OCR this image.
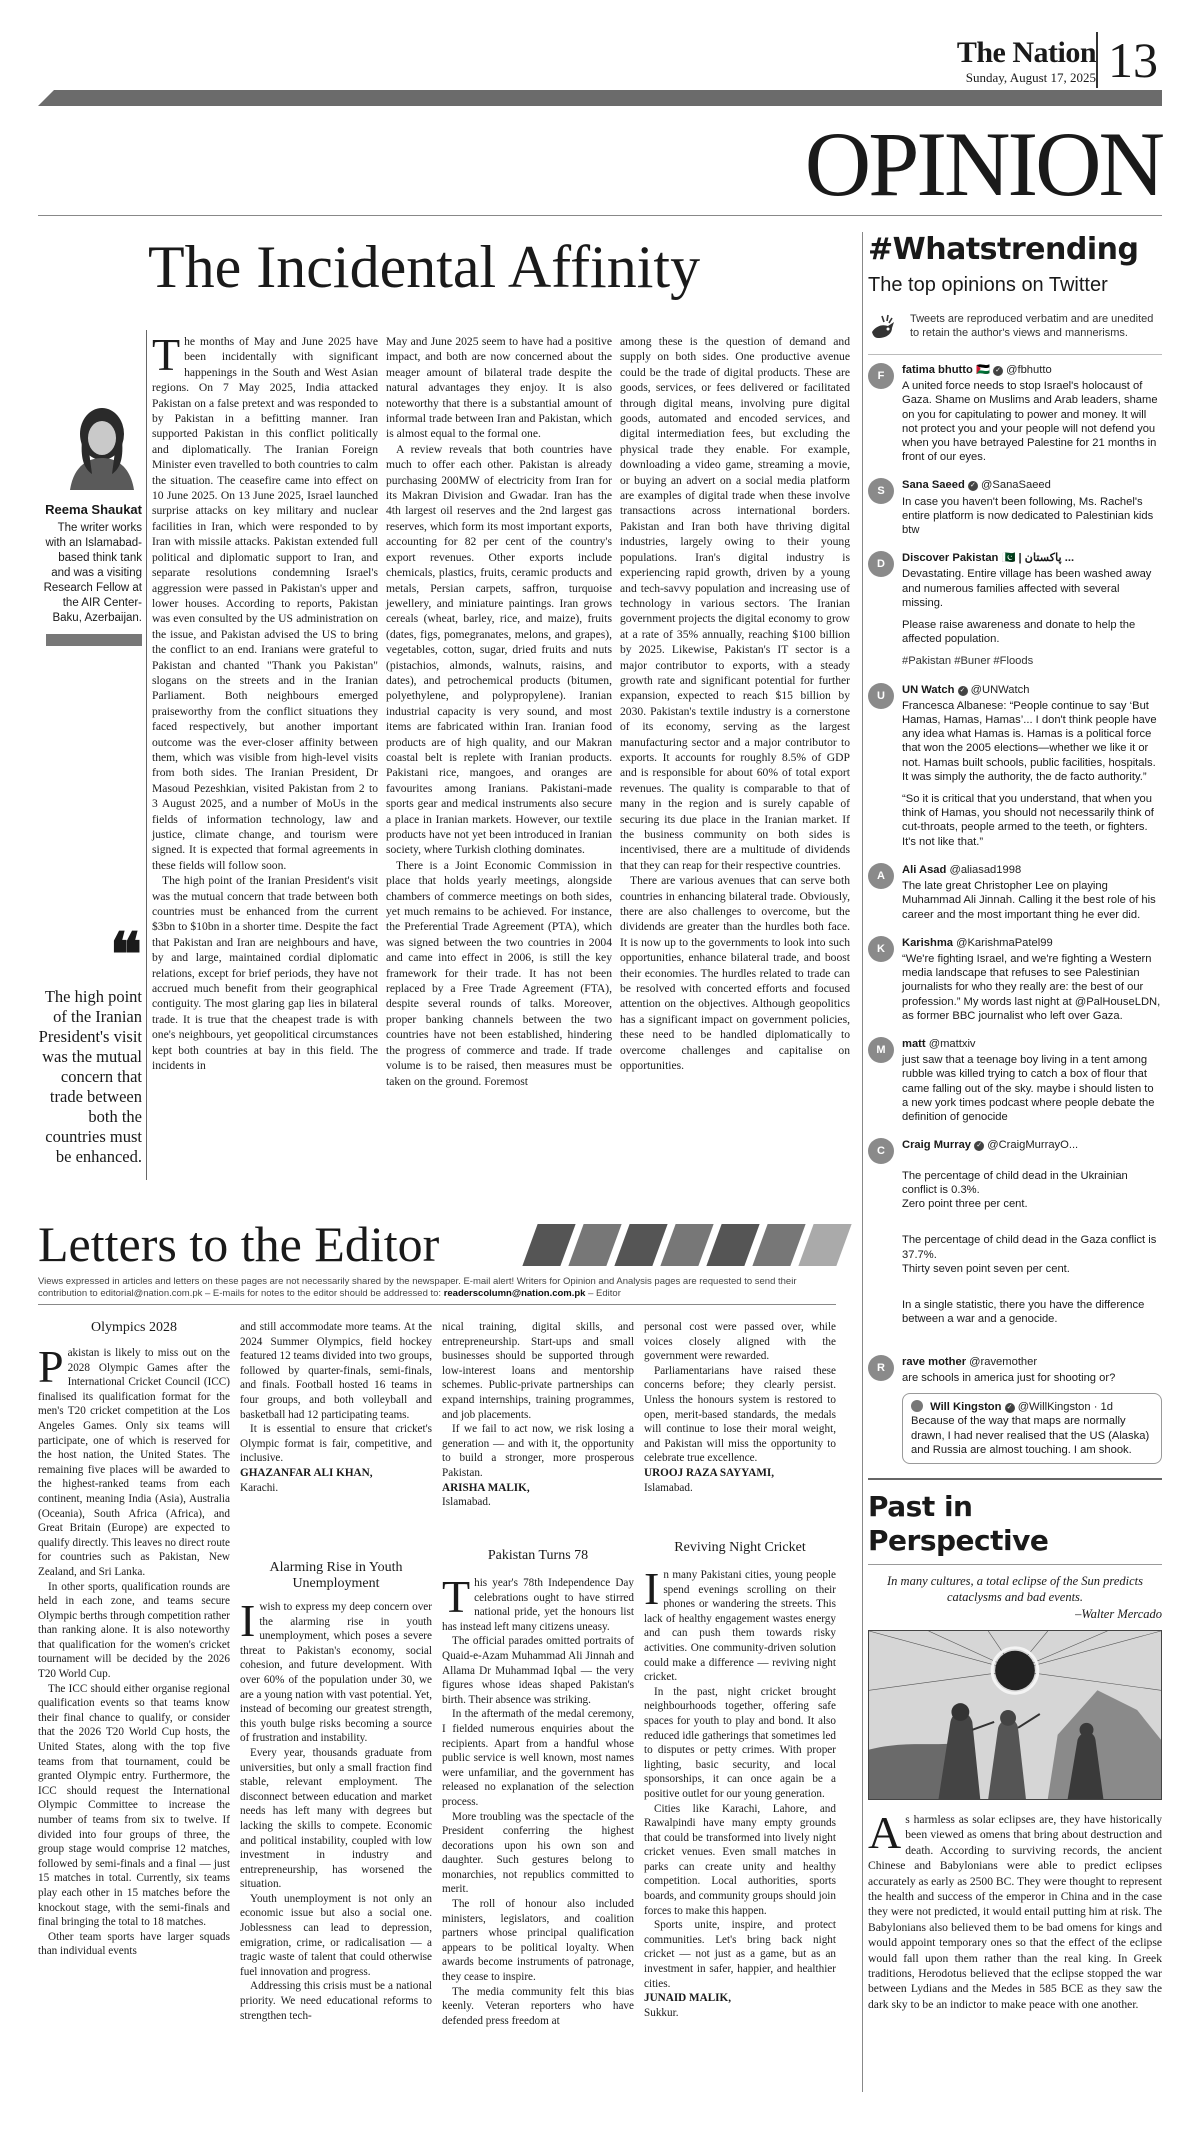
The Nation
Sunday, August 17, 2025 13
OPINION
The Incidental Affinity
Reema Shaukat
The writer works with an Islamabad-based think tank and was a visiting Research Fellow at the AIR Center-Baku, Azerbaijan.
❝
The high point of the Iranian President's visit was the mutual concern that trade between both the countries must be enhanced.

The months of May and June 2025 have been incidentally with significant happenings in the South and West Asian regions. On 7 May 2025, India attacked Pakistan on a false pretext and was responded to by Pakistan in a befitting manner. Iran supported Pakistan in this conflict politically and diplomatically. The Iranian Foreign Minister even travelled to both countries to calm the situation. The ceasefire came into effect on 10 June 2025. On 13 June 2025, Israel launched surprise attacks on key military and nuclear facilities in Iran, which were responded to by Iran with missile attacks. Pakistan extended full political and diplomatic support to Iran, and separate resolutions condemning Israel's aggression were passed in Pakistan's upper and lower houses. According to reports, Pakistan was even consulted by the US administration on the issue, and Pakistan advised the US to bring the conflict to an end. Iranians were grateful to Pakistan and chanted "Thank you Pakistan" slogans on the streets and in the Iranian Parliament. Both neighbours emerged praiseworthy from the conflict situations they faced respectively, but another important outcome was the ever-closer affinity between them, which was visible from high-level visits from both sides. The Iranian President, Dr Masoud Pezeshkian, visited Pakistan from 2 to 3 August 2025, and a number of MoUs in the fields of information technology, law and justice, climate change, and tourism were signed. It is expected that formal agreements in these fields will follow soon.

The high point of the Iranian President's visit was the mutual concern that trade between both countries must be enhanced from the current $3bn to $10bn in a shorter time. Despite the fact that Pakistan and Iran are neighbours and have, by and large, maintained cordial diplomatic relations, except for brief periods, they have not accrued much benefit from their geographical contiguity. The most glaring gap lies in bilateral trade. It is true that the cheapest trade is with one's neighbours, yet geopolitical circumstances kept both countries at bay in this field. The incidents in

May and June 2025 seem to have had a positive impact, and both are now concerned about the meager amount of bilateral trade despite the natural advantages they enjoy. It is also noteworthy that there is a substantial amount of informal trade between Iran and Pakistan, which is almost equal to the formal one.

A review reveals that both countries have much to offer each other. Pakistan is already purchasing 200MW of electricity from Iran for its Makran Division and Gwadar. Iran has the 4th largest oil reserves and the 2nd largest gas reserves, which form its most important exports, accounting for 82 per cent of the country's export revenues. Other exports include chemicals, plastics, fruits, ceramic products and metals, Persian carpets, saffron, turquoise jewellery, and miniature paintings. Iran grows cereals (wheat, barley, rice, and maize), fruits (dates, figs, pomegranates, melons, and grapes), vegetables, cotton, sugar, dried fruits and nuts (pistachios, almonds, walnuts, raisins, and dates), and petrochemical products (bitumen, polyethylene, and polypropylene). Iranian industrial capacity is very sound, and most items are fabricated within Iran. Iranian food products are of high quality, and our Makran coastal belt is replete with Iranian products. Pakistani rice, mangoes, and oranges are favourites among Iranians. Pakistani-made sports gear and medical instruments also secure a place in Iranian markets. However, our textile products have not yet been introduced in Iranian society, where Turkish clothing dominates.

There is a Joint Economic Commission in place that holds yearly meetings, alongside chambers of commerce meetings on both sides, yet much remains to be achieved. For instance, the Preferential Trade Agreement (PTA), which was signed between the two countries in 2004 and came into effect in 2006, is still the key framework for their trade. It has not been replaced by a Free Trade Agreement (FTA), despite several rounds of talks. Moreover, proper banking channels between the two countries have not been established, hindering the progress of commerce and trade. If trade volume is to be raised, then measures must be taken on the ground. Foremost

among these is the question of demand and supply on both sides. One productive avenue could be the trade of digital products. These are goods, services, or fees delivered or facilitated through digital means, involving pure digital goods, automated and encoded services, and digital intermediation fees, but excluding the physical trade they enable. For example, downloading a video game, streaming a movie, or buying an advert on a social media platform are examples of digital trade when these involve transactions across international borders. Pakistan and Iran both have thriving digital industries, largely owing to their young populations. Iran's digital industry is experiencing rapid growth, driven by a young and tech-savvy population and increasing use of technology in various sectors. The Iranian government projects the digital economy to grow at a rate of 35% annually, reaching $100 billion by 2025. Likewise, Pakistan's IT sector is a major contributor to exports, with a steady growth rate and significant potential for further expansion, expected to reach $15 billion by 2030. Pakistan's textile industry is a cornerstone of its economy, serving as the largest manufacturing sector and a major contributor to exports. It accounts for roughly 8.5% of GDP and is responsible for about 60% of total export revenues. The quality is comparable to that of many in the region and is surely capable of securing its due place in the Iranian market. If the business community on both sides is incentivised, there are a multitude of dividends that they can reap for their respective countries.

There are various avenues that can serve both countries in enhancing bilateral trade. Obviously, there are also challenges to overcome, but the dividends are greater than the hurdles both face. It is now up to the governments to look into such opportunities, enhance bilateral trade, and boost their economies. The hurdles related to trade can be resolved with concerted efforts and focused attention on the objectives. Although geopolitics has a significant impact on government policies, these need to be handled diplomatically to overcome challenges and capitalise on opportunities.

Letters to the Editor
Views expressed in articles and letters on these pages are not necessarily shared by the newspaper. E-mail alert! Writers for Opinion and Analysis pages are requested to send their contribution to editorial@nation.com.pk – E-mails for notes to the editor should be addressed to: readerscolumn@nation.com.pk – Editor
Olympics 2028

Pakistan is likely to miss out on the 2028 Olympic Games after the International Cricket Council (ICC) finalised its qualification format for the men's T20 cricket competition at the Los Angeles Games. Only six teams will participate, one of which is reserved for the host nation, the United States. The remaining five places will be awarded to the highest-ranked teams from each continent, meaning India (Asia), Australia (Oceania), South Africa (Africa), and Great Britain (Europe) are expected to qualify directly. This leaves no direct route for countries such as Pakistan, New Zealand, and Sri Lanka.

In other sports, qualification rounds are held in each zone, and teams secure Olympic berths through competition rather than ranking alone. It is also noteworthy that qualification for the women's cricket tournament will be decided by the 2026 T20 World Cup.

The ICC should either organise regional qualification events so that teams know their final chance to qualify, or consider that the 2026 T20 World Cup hosts, the United States, along with the top five teams from that tournament, could be granted Olympic entry. Furthermore, the ICC should request the International Olympic Committee to increase the number of teams from six to twelve. If divided into four groups of three, the group stage would comprise 12 matches, followed by semi-finals and a final — just 15 matches in total. Currently, six teams play each other in 15 matches before the knockout stage, with the semi-finals and final bringing the total to 18 matches.

Other team sports have larger squads than individual events

and still accommodate more teams. At the 2024 Summer Olympics, field hockey featured 12 teams divided into two groups, followed by quarter-finals, semi-finals, and finals. Football hosted 16 teams in four groups, and both volleyball and basketball had 12 participating teams.

It is essential to ensure that cricket's Olympic format is fair, competitive, and inclusive.

GHAZANFAR ALI KHAN,

Karachi.

Alarming Rise in Youth Unemployment

I wish to express my deep concern over the alarming rise in youth unemployment, which poses a severe threat to Pakistan's economy, social cohesion, and future development. With over 60% of the population under 30, we are a young nation with vast potential. Yet, instead of becoming our greatest strength, this youth bulge risks becoming a source of frustration and instability.

Every year, thousands graduate from universities, but only a small fraction find stable, relevant employment. The disconnect between education and market needs has left many with degrees but lacking the skills to compete. Economic and political instability, coupled with low investment in industry and entrepreneurship, has worsened the situation.

Youth unemployment is not only an economic issue but also a social one. Joblessness can lead to depression, emigration, crime, or radicalisation — a tragic waste of talent that could otherwise fuel innovation and progress.

Addressing this crisis must be a national priority. We need educational reforms to strengthen tech-

nical training, digital skills, and entrepreneurship. Start-ups and small businesses should be supported through low-interest loans and mentorship schemes. Public-private partnerships can expand internships, training programmes, and job placements.

If we fail to act now, we risk losing a generation — and with it, the opportunity to build a stronger, more prosperous Pakistan.

ARISHA MALIK,

Islamabad.

Pakistan Turns 78

This year's 78th Independence Day celebrations ought to have stirred national pride, yet the honours list has instead left many citizens uneasy.

The official parades omitted portraits of Quaid-e-Azam Muhammad Ali Jinnah and Allama Dr Muhammad Iqbal — the very figures whose ideas shaped Pakistan's birth. Their absence was striking.

In the aftermath of the medal ceremony, I fielded numerous enquiries about the recipients. Apart from a handful whose public service is well known, most names were unfamiliar, and the government has released no explanation of the selection process.

More troubling was the spectacle of the President conferring the highest decorations upon his own son and daughter. Such gestures belong to monarchies, not republics committed to merit.

The roll of honour also included ministers, legislators, and coalition partners whose principal qualification appears to be political loyalty. When awards become instruments of patronage, they cease to inspire.

The media community felt this bias keenly. Veteran reporters who have defended press freedom at

personal cost were passed over, while voices closely aligned with the government were rewarded.

Parliamentarians have raised these concerns before; they clearly persist. Unless the honours system is restored to open, merit-based standards, the medals will continue to lose their moral weight, and Pakistan will miss the opportunity to celebrate true excellence.

UROOJ RAZA SAYYAMI,

Islamabad.

Reviving Night Cricket

In many Pakistani cities, young people spend evenings scrolling on their phones or wandering the streets. This lack of healthy engagement wastes energy and can push them towards risky activities. One community-driven solution could make a difference — reviving night cricket.

In the past, night cricket brought neighbourhoods together, offering safe spaces for youth to play and bond. It also reduced idle gatherings that sometimes led to disputes or petty crimes. With proper lighting, basic security, and local sponsorships, it can once again be a positive outlet for our young generation.

Cities like Karachi, Lahore, and Rawalpindi have many empty grounds that could be transformed into lively night cricket venues. Even small matches in parks can create unity and healthy competition. Local authorities, sports boards, and community groups should join forces to make this happen.

Sports unite, inspire, and protect communities. Let's bring back night cricket — not just as a game, but as an investment in safer, happier, and healthier cities.

JUNAID MALIK,

Sukkur.

#Whatstrending
The top opinions on Twitter
Tweets are reproduced verbatim and are unedited to retain the author's views and mannerisms.
F	fatima bhutto 🇵🇸 ✓ @fbhutto

A united force needs to stop Israel's holocaust of Gaza. Shame on Muslims and Arab leaders, shame on you for capitulating to power and money. It will not protect you and your people will not defend you when you have betrayed Palestine for 21 months in front of our eyes.

S	Sana Saeed ✓ @SanaSaeed

In case you haven't been following, Ms. Rachel's entire platform is now dedicated to Palestinian kids btw

D	Discover Pakistan 🇵🇰 | پاکستان ...

Devastating. Entire village has been washed away and numerous families affected with several missing.

Please raise awareness and donate to help the affected population.

#Pakistan #Buner #Floods
U	UN Watch ✓ @UNWatch

Francesca Albanese: “People continue to say ‘But Hamas, Hamas, Hamas’... I don't think people have any idea what Hamas is. Hamas is a political force that won the 2005 elections—whether we like it or not. Hamas built schools, public facilities, hospitals. It was simply the authority, the de facto authority.”

“So it is critical that you understand, that when you think of Hamas, you should not necessarily think of cut-throats, people armed to the teeth, or fighters. It's not like that.”

A	Ali Asad @aliasad1998

The late great Christopher Lee on playing Muhammad Ali Jinnah. Calling it the best role of his career and the most important thing he ever did.

K	Karishma @KarishmaPatel99

“We're fighting Israel, and we're fighting a Western media landscape that refuses to see Palestinian journalists for who they really are: the best of our profession.” My words last night at @PalHouseLDN, as former BBC journalist who left over Gaza.

M	matt @mattxiv

just saw that a teenage boy living in a tent among rubble was killed trying to catch a box of flour that came falling out of the sky. maybe i should listen to a new york times podcast where people debate the definition of genocide

C	Craig Murray ✓ @CraigMurrayO...

The percentage of child dead in the Ukrainian conflict is 0.3%.
Zero point three per cent.

The percentage of child dead in the Gaza conflict is 37.7%.
Thirty seven point seven per cent.

In a single statistic, there you have the difference between a war and a genocide.

R	rave mother @ravemother

are schools in america just for shooting or?

Will Kingston ✓ @WillKingston · 1d
Because of the way that maps are normally drawn, I had never realised that the US (Alaska) and Russia are almost touching. I am shook.
Past in Perspective
In many cultures, a total eclipse of the Sun predicts cataclysms and bad events.
–Walter Mercado
As harmless as solar eclipses are, they have historically been viewed as omens that bring about destruction and death. According to surviving records, the ancient Chinese and Babylonians were able to predict eclipses accurately as early as 2500 BC. They were thought to represent the health and success of the emperor in China and in the case they were not predicted, it would entail putting him at risk. The Babylonians also believed them to be bad omens for kings and would appoint temporary ones so that the effect of the eclipse would fall upon them rather than the real king. In Greek traditions, Herodotus believed that the eclipse stopped the war between Lydians and the Medes in 585 BCE as they saw the dark sky to be an indictor to make peace with one another.
